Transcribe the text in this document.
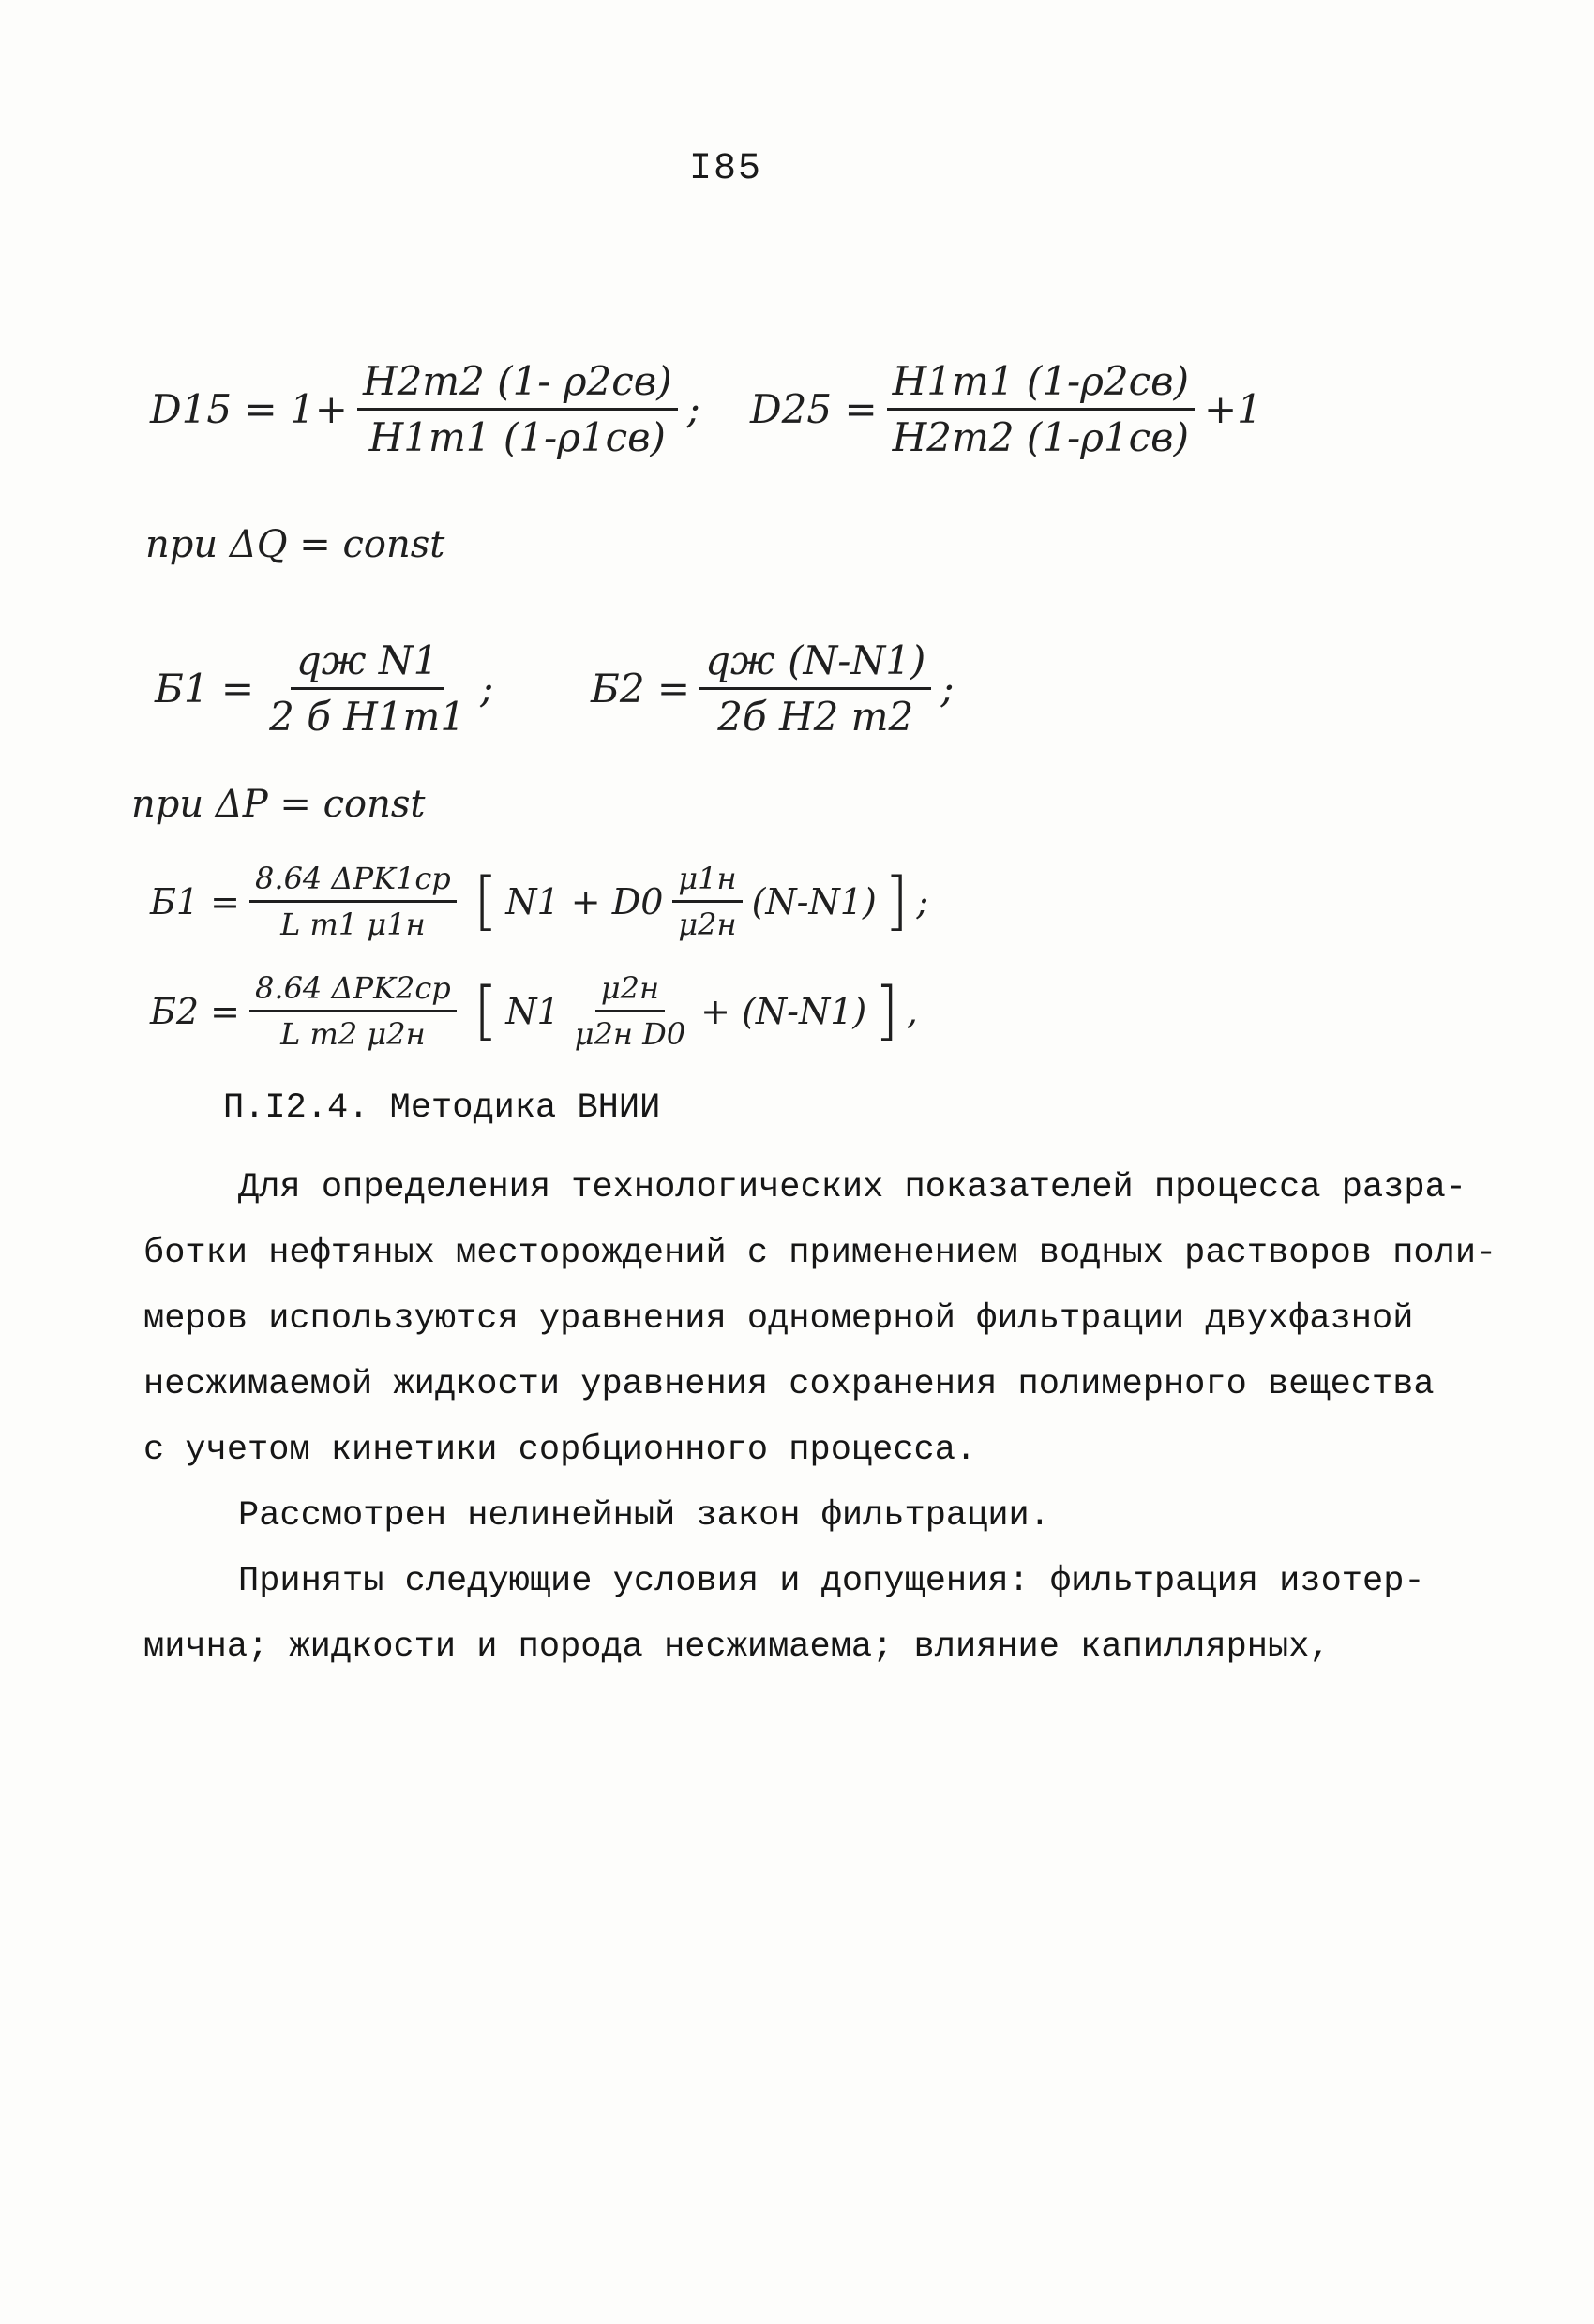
I85
$D15 = 1+ \frac{H2m2 (1- \rho 2cв)}{H1m1 (1-\rho 1cв)}$ ; $D25 = \frac{H1m1 (1-\rho 2cв)}{H2m2 (1-\rho 1cв)} +1$
при ΔQ = const
$Б1 = \frac{\text{qж N1}}{\text{2 б H1m1}}$ ; $Б2 = \frac{qж (N-N1)}{\text{2б H2 m2}}$ ;
при ΔP = const
$Б1 = \frac{\text{8.64 ΔPK1cp}}{\text{L m1 μ1н}}$ [ $N1 + D0 \frac{\mu 1н}{\mu 2н} (N-N1)$ ] ;
$Б2 = \frac{\text{8.64 ΔPK2cp}}{\text{L m2 μ2н}}$ [ $N1 \frac{\mu 2н}{\text{μ2н D0}} + (N-N1)$ ] ,
П.I2.4. Методика ВНИИ
Для определения технологических показателей процесса разра-
ботки нефтяных месторождений с применением водных растворов поли-
меров используются уравнения одномерной фильтрации двухфазной
несжимаемой жидкости уравнения сохранения полимерного вещества
с учетом кинетики сорбционного процесса.
Рассмотрен нелинейный закон фильтрации.
Приняты следующие условия и допущения: фильтрация изотер-
мична; жидкости и порода несжимаема; влияние капиллярных,
